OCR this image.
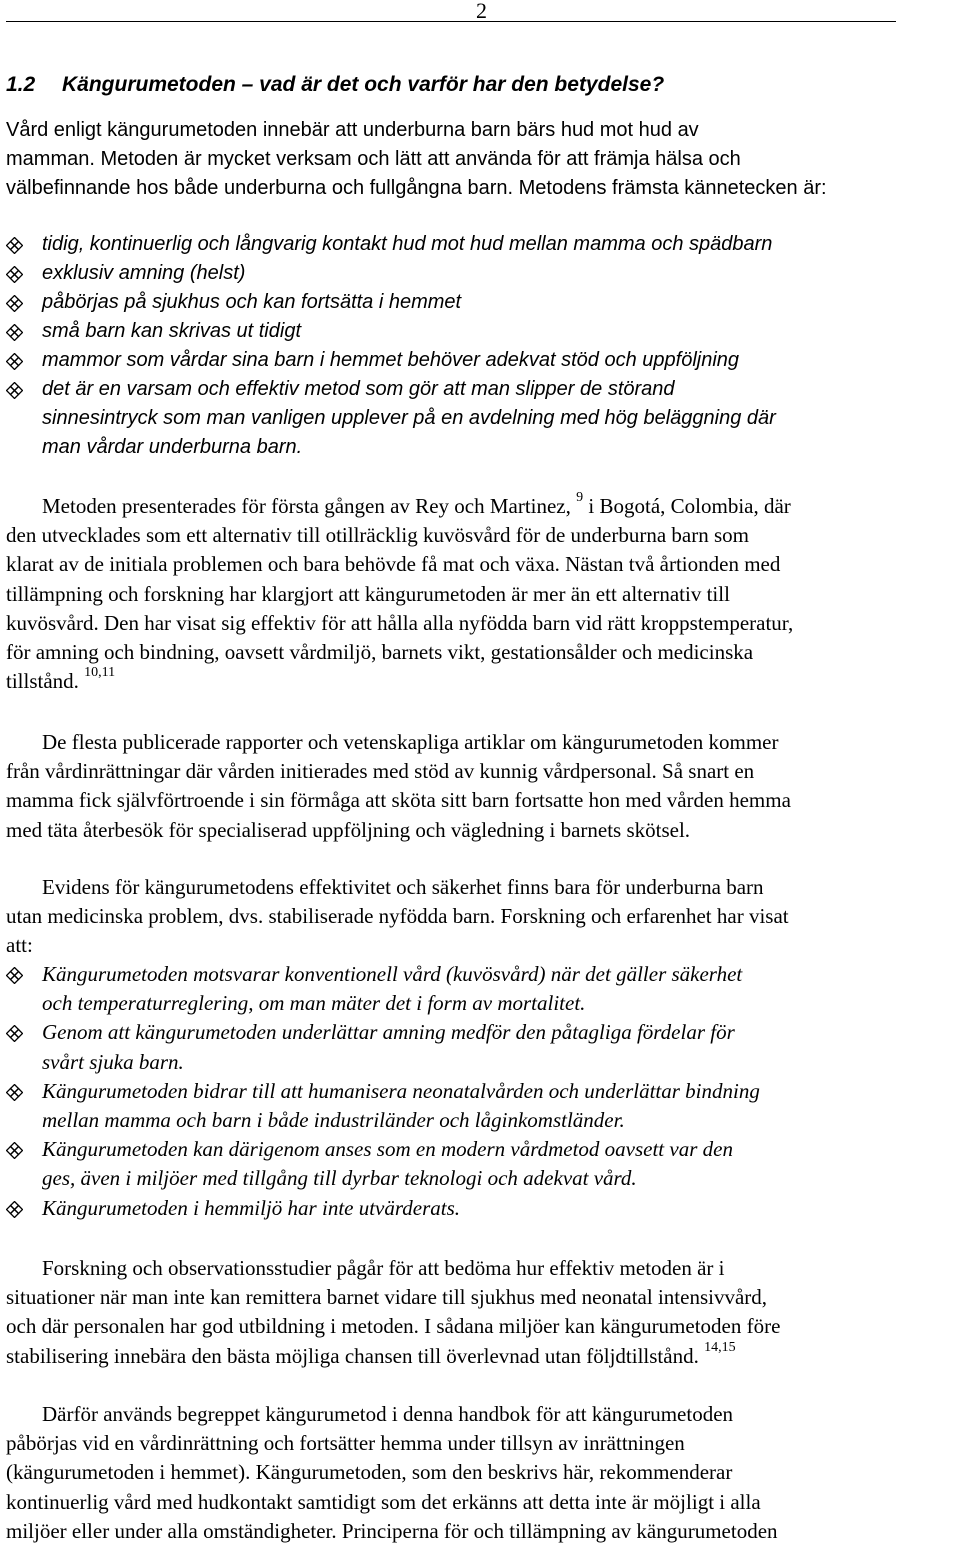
2
1.2 Kängurumetoden – vad är det och varför har den betydelse?
Vård enligt kängurumetoden innebär att underburna barn bärs hud mot hud av
mamman. Metoden är mycket verksam och lätt att använda för att främja hälsa och
välbefinnande hos både underburna och fullgångna barn. Metodens främsta kännetecken är:
tidig, kontinuerlig och långvarig kontakt hud mot hud mellan mamma och spädbarn
exklusiv amning (helst)
påbörjas på sjukhus och kan fortsätta i hemmet
små barn kan skrivas ut tidigt
mammor som vårdar sina barn i hemmet behöver adekvat stöd och uppföljning
det är en varsam och effektiv metod som gör att man slipper de störand
sinnesintryck som man vanligen upplever på en avdelning med hög beläggning där
man vårdar underburna barn.
Metoden presenterades för första gången av Rey och Martinez, $^9$ i Bogotá, Colombia, där
den utvecklades som ett alternativ till otillräcklig kuvösvård för de underburna barn som
klarat av de initiala problemen och bara behövde få mat och växa. Nästan två årtionden med
tillämpning och forskning har klargjort att kängurumetoden är mer än ett alternativ till
kuvösvård. Den har visat sig effektiv för att hålla alla nyfödda barn vid rätt kroppstemperatur,
för amning och bindning, oavsett vårdmiljö, barnets vikt, gestationsålder och medicinska
tillstånd. $^{10,11}$
De flesta publicerade rapporter och vetenskapliga artiklar om kängurumetoden kommer
från vårdinrättningar där vården initierades med stöd av kunnig vårdpersonal. Så snart en
mamma fick självförtroende i sin förmåga att sköta sitt barn fortsatte hon med vården hemma
med täta återbesök för specialiserad uppföljning och vägledning i barnets skötsel.
Evidens för kängurumetodens effektivitet och säkerhet finns bara för underburna barn
utan medicinska problem, dvs. stabiliserade nyfödda barn. Forskning och erfarenhet har visat
att:
Kängurumetoden motsvarar konventionell vård (kuvösvård) när det gäller säkerhet
och temperaturreglering, om man mäter det i form av mortalitet.
Genom att kängurumetoden underlättar amning medför den påtagliga fördelar för
svårt sjuka barn.
Kängurumetoden bidrar till att humanisera neonatalvården och underlättar bindning
mellan mamma och barn i både industriländer och låginkomstländer.
Kängurumetoden kan därigenom anses som en modern vårdmetod oavsett var den
ges, även i miljöer med tillgång till dyrbar teknologi och adekvat vård.
Kängurumetoden i hemmiljö har inte utvärderats.
Forskning och observationsstudier pågår för att bedöma hur effektiv metoden är i
situationer när man inte kan remittera barnet vidare till sjukhus med neonatal intensivvård,
och där personalen har god utbildning i metoden. I sådana miljöer kan kängurumetoden före
stabilisering innebära den bästa möjliga chansen till överlevnad utan följdtillstånd. $^{14,15}$
Därför används begreppet kängurumetod i denna handbok för att kängurumetoden
påbörjas vid en vårdinrättning och fortsätter hemma under tillsyn av inrättningen
(kängurumetoden i hemmet). Kängurumetoden, som den beskrivs här, rekommenderar
kontinuerlig vård med hudkontakt samtidigt som det erkänns att detta inte är möjligt i alla
miljöer eller under alla omständigheter. Principerna för och tillämpning av kängurumetoden
